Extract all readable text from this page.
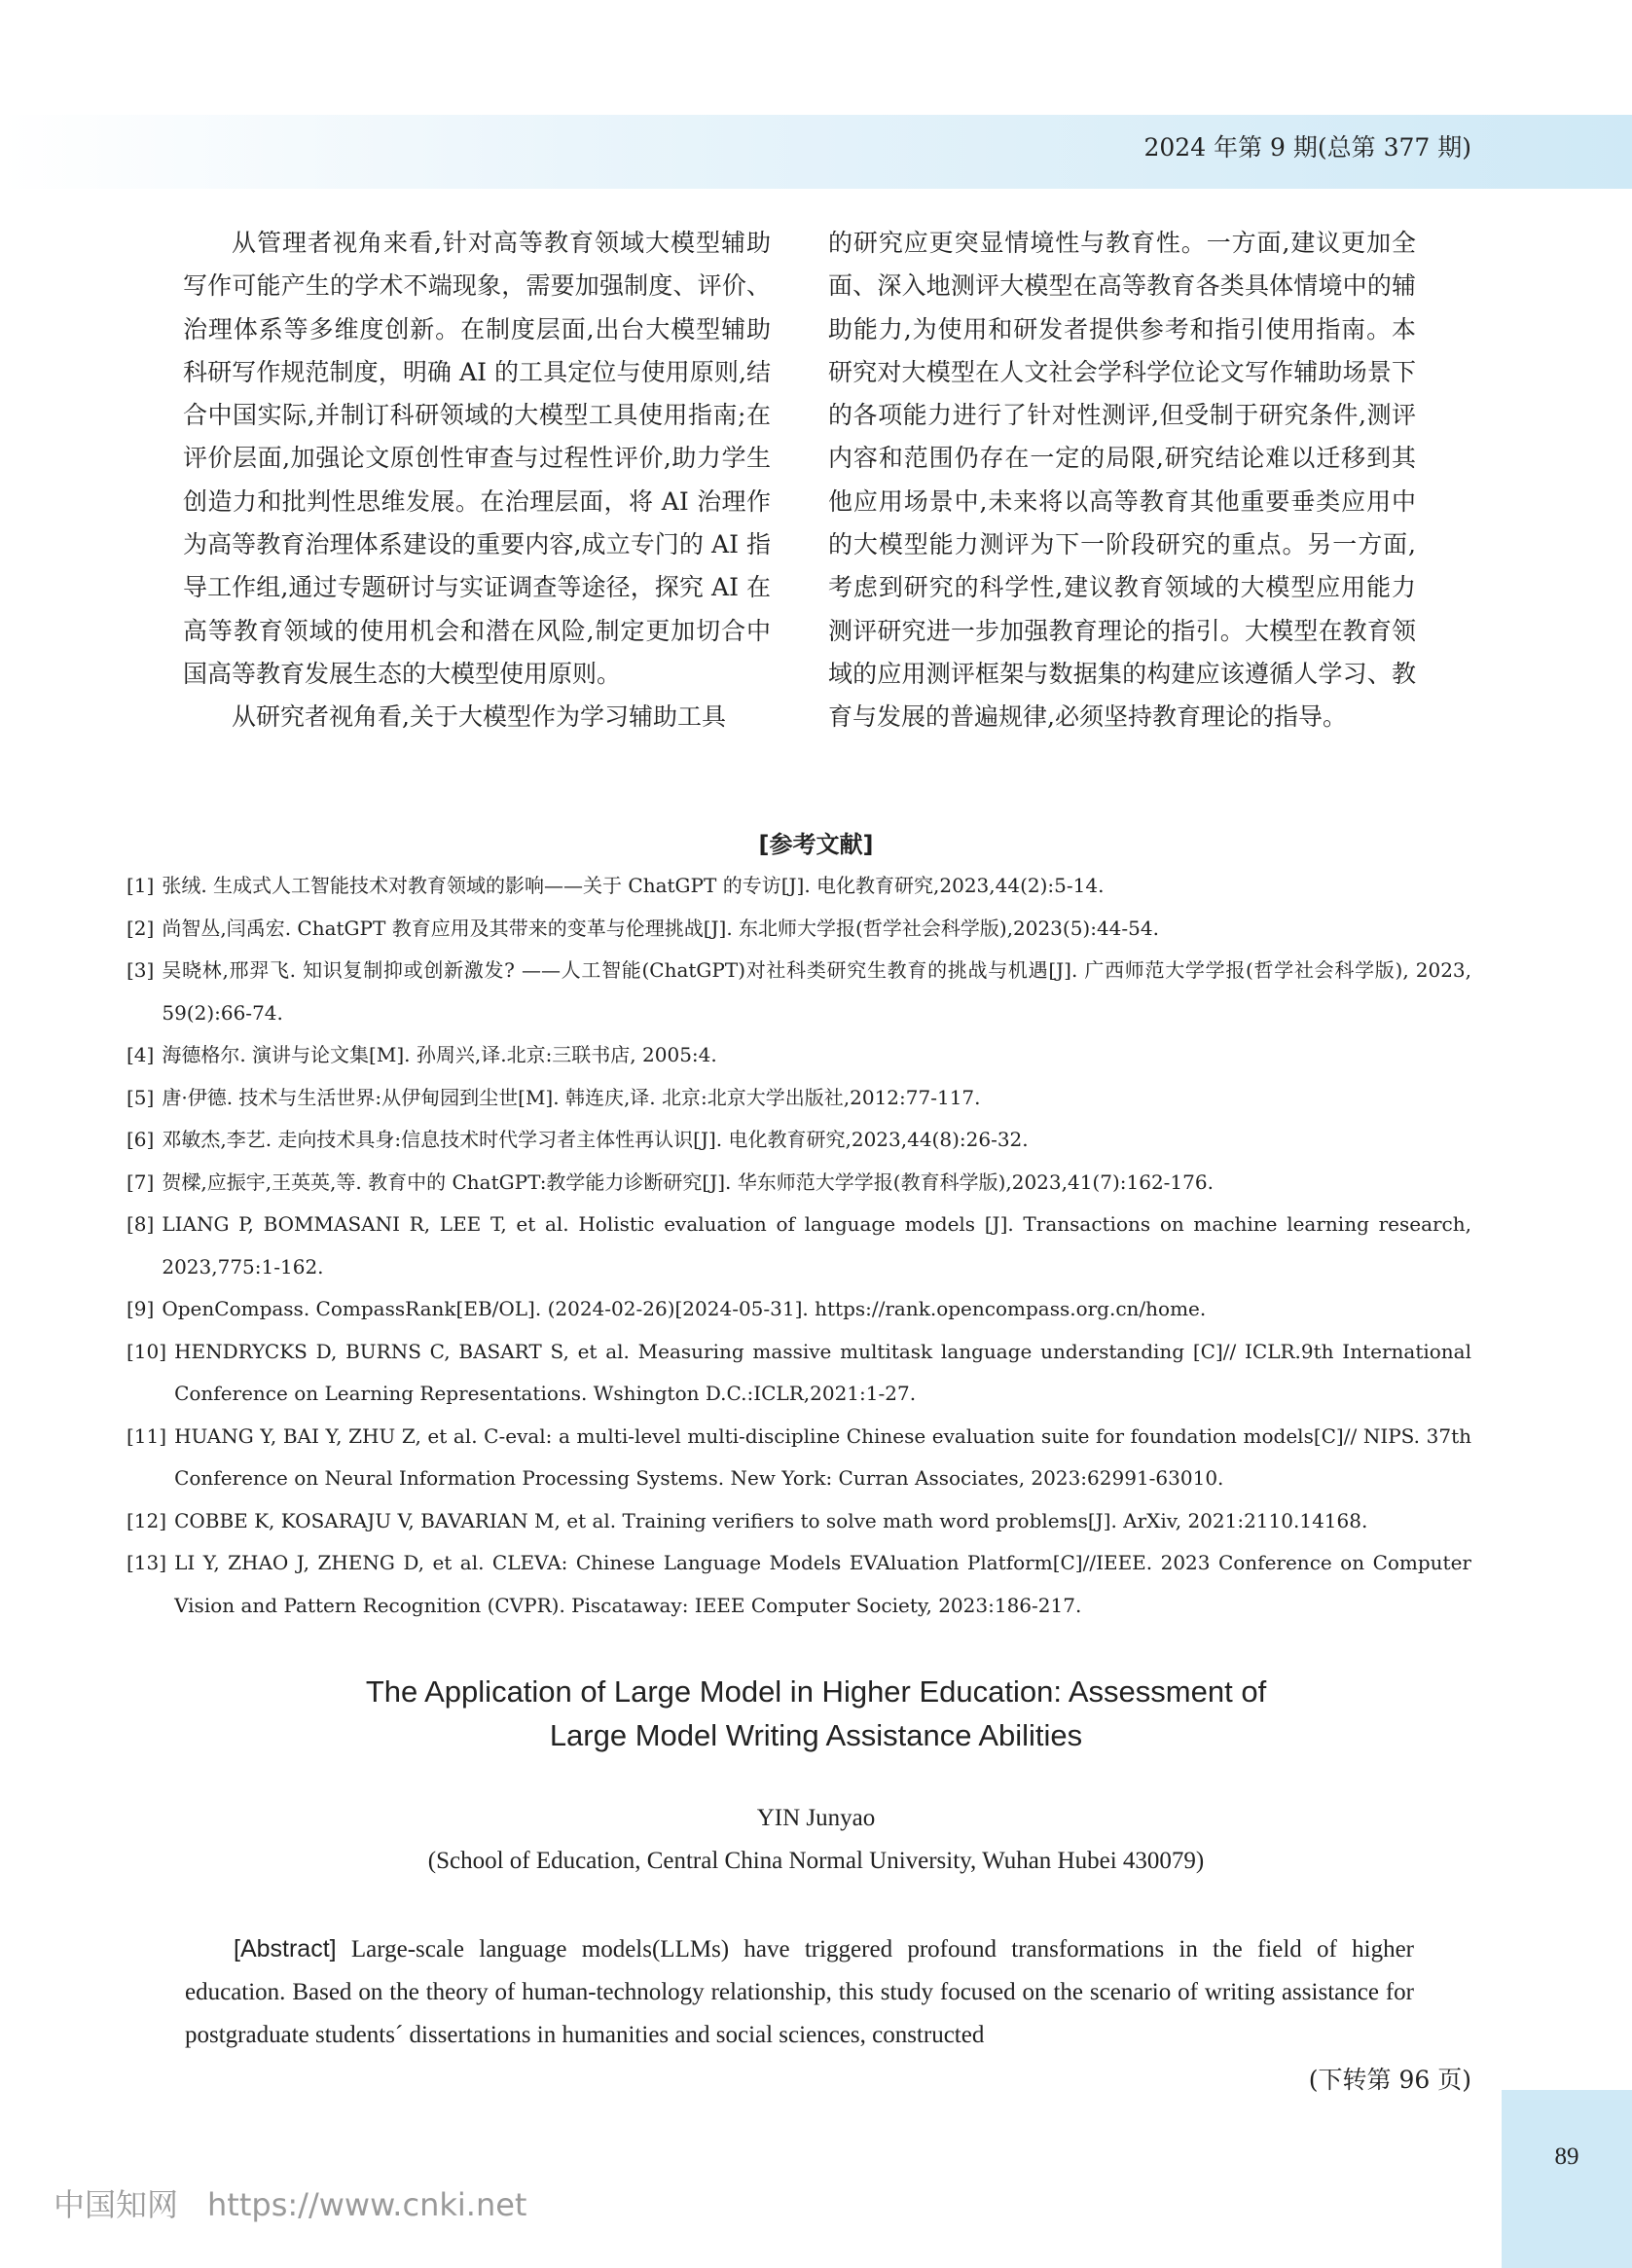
2024 年第 9 期(总第 377 期)

从管理者视角来看,针对高等教育领域大模型辅助写作可能产生的学术不端现象，需要加强制度、评价、治理体系等多维度创新。在制度层面,出台大模型辅助科研写作规范制度，明确 AI 的工具定位与使用原则,结合中国实际,并制订科研领域的大模型工具使用指南;在评价层面,加强论文原创性审查与过程性评价,助力学生创造力和批判性思维发展。在治理层面，将 AI 治理作为高等教育治理体系建设的重要内容,成立专门的 AI 指导工作组,通过专题研讨与实证调查等途径，探究 AI 在高等教育领域的使用机会和潜在风险,制定更加切合中国高等教育发展生态的大模型使用原则。

从研究者视角看,关于大模型作为学习辅助工具

的研究应更突显情境性与教育性。一方面,建议更加全面、深入地测评大模型在高等教育各类具体情境中的辅助能力,为使用和研发者提供参考和指引使用指南。本研究对大模型在人文社会学科学位论文写作辅助场景下的各项能力进行了针对性测评,但受制于研究条件,测评内容和范围仍存在一定的局限,研究结论难以迁移到其他应用场景中,未来将以高等教育其他重要垂类应用中的大模型能力测评为下一阶段研究的重点。另一方面,考虑到研究的科学性,建议教育领域的大模型应用能力测评研究进一步加强教育理论的指引。大模型在教育领域的应用测评框架与数据集的构建应该遵循人学习、教育与发展的普遍规律,必须坚持教育理论的指导。

[参考文献]
[1] 张绒. 生成式人工智能技术对教育领域的影响——关于 ChatGPT 的专访[J]. 电化教育研究,2023,44(2):5-14.
[2] 尚智丛,闫禹宏. ChatGPT 教育应用及其带来的变革与伦理挑战[J]. 东北师大学报(哲学社会科学版),2023(5):44-54.
[3] 吴晓林,邢羿飞. 知识复制抑或创新激发? ——人工智能(ChatGPT)对社科类研究生教育的挑战与机遇[J]. 广西师范大学学报(哲学社会科学版), 2023, 59(2):66-74.
[4] 海德格尔. 演讲与论文集[M]. 孙周兴,译.北京:三联书店, 2005:4.
[5] 唐·伊德. 技术与生活世界:从伊甸园到尘世[M]. 韩连庆,译. 北京:北京大学出版社,2012:77-117.
[6] 邓敏杰,李艺. 走向技术具身:信息技术时代学习者主体性再认识[J]. 电化教育研究,2023,44(8):26-32.
[7] 贺樑,应振宇,王英英,等. 教育中的 ChatGPT:教学能力诊断研究[J]. 华东师范大学学报(教育科学版),2023,41(7):162-176.
[8] LIANG P, BOMMASANI R, LEE T, et al. Holistic evaluation of language models [J]. Transactions on machine learning research, 2023,775:1-162.
[9] OpenCompass. CompassRank[EB/OL]. (2024-02-26)[2024-05-31]. https://rank.opencompass.org.cn/home.
[10] HENDRYCKS D, BURNS C, BASART S, et al. Measuring massive multitask language understanding [C]// ICLR.9th International Conference on Learning Representations. Wshington D.C.:ICLR,2021:1-27.
[11] HUANG Y, BAI Y, ZHU Z, et al. C-eval: a multi-level multi-discipline Chinese evaluation suite for foundation models[C]// NIPS. 37th Conference on Neural Information Processing Systems. New York: Curran Associates, 2023:62991-63010.
[12] COBBE K, KOSARAJU V, BAVARIAN M, et al. Training verifiers to solve math word problems[J]. ArXiv, 2021:2110.14168.
[13] LI Y, ZHAO J, ZHENG D, et al. CLEVA: Chinese Language Models EVAluation Platform[C]//IEEE. 2023 Conference on Computer Vision and Pattern Recognition (CVPR). Piscataway: IEEE Computer Society, 2023:186-217.
The Application of Large Model in Higher Education: Assessment of
Large Model Writing Assistance Abilities
YIN Junyao
(School of Education, Central China Normal University, Wuhan Hubei 430079)
[Abstract] Large-scale language models(LLMs) have triggered profound transformations in the field of higher education. Based on the theory of human-technology relationship, this study focused on the scenario of writing assistance for postgraduate students´ dissertations in humanities and social sciences, constructed
(下转第 96 页)
89
中国知网 https://www.cnki.net
